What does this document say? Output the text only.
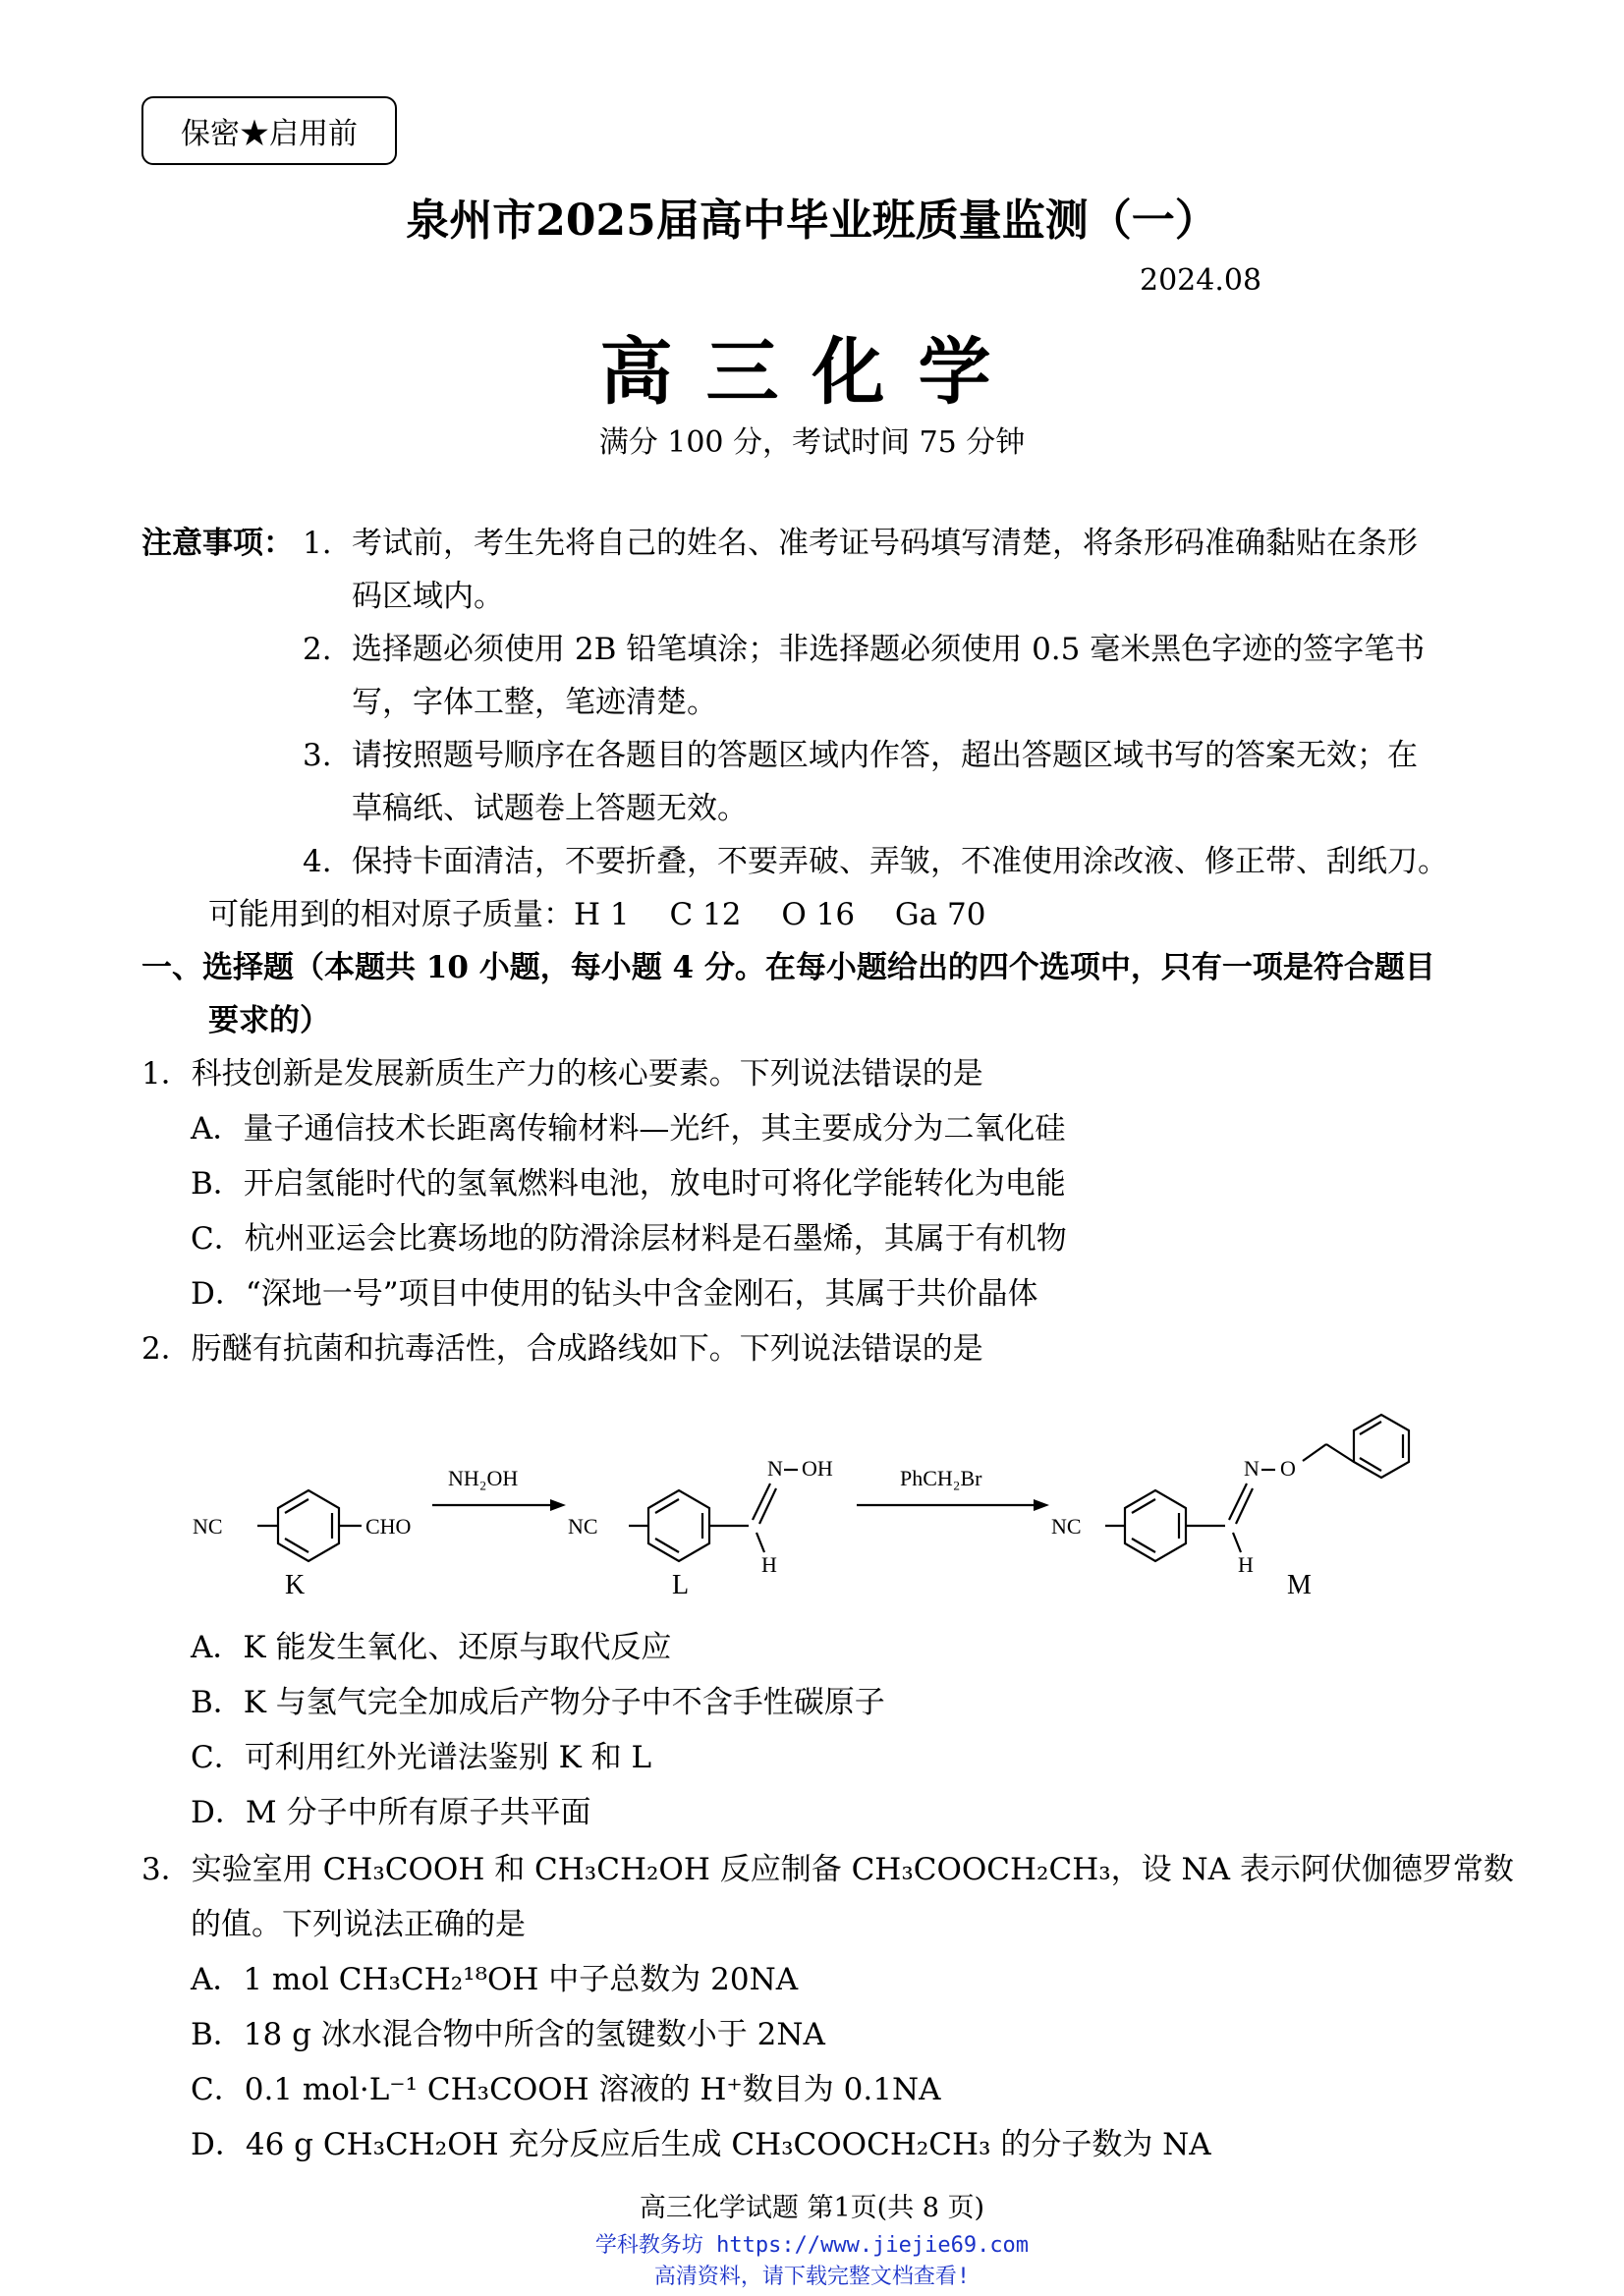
保密★启用前
泉州市2025届高中毕业班质量监测（一）
2024.08
高三化学
满分 100 分，考试时间 75 分钟
注意事项： 1. 考试前，考生先将自己的姓名、准考证号码填写清楚，将条形码准确黏贴在条形
码区域内。
2. 选择题必须使用 2B 铅笔填涂；非选择题必须使用 0.5 毫米黑色字迹的签字笔书
写，字体工整，笔迹清楚。
3. 请按照题号顺序在各题目的答题区域内作答，超出答题区域书写的答案无效；在
草稿纸、试题卷上答题无效。
4. 保持卡面清洁，不要折叠，不要弄破、弄皱，不准使用涂改液、修正带、刮纸刀。
可能用到的相对原子质量：H 1　 C 12　 O 16　 Ga 70
一、选择题（本题共 10 小题，每小题 4 分。在每小题给出的四个选项中，只有一项是符合题目
要求的）
1．科技创新是发展新质生产力的核心要素。下列说法错误的是
A．量子通信技术长距离传输材料—光纤，其主要成分为二氧化硅
B．开启氢能时代的氢氧燃料电池，放电时可将化学能转化为电能
C．杭州亚运会比赛场地的防滑涂层材料是石墨烯，其属于有机物
D．“深地一号”项目中使用的钻头中含金刚石，其属于共价晶体
2．肟醚有抗菌和抗毒活性，合成路线如下。下列说法错误的是
NC	CHO
NH₂OH
NC
N OH
H
PhCH₂Br
NC
N O
H
K	L	M
A．K 能发生氧化、还原与取代反应
B．K 与氢气完全加成后产物分子中不含手性碳原子
C．可利用红外光谱法鉴别 K 和 L
D．M 分子中所有原子共平面
3．实验室用 CH₃COOH 和 CH₃CH₂OH 反应制备 CH₃COOCH₂CH₃，设 NA 表示阿伏伽德罗常数
的值。下列说法正确的是
A．1 mol CH₃CH₂¹⁸OH 中子总数为 20NA
B．18 g 冰水混合物中所含的氢键数小于 2NA
C．0.1 mol·L⁻¹ CH₃COOH 溶液的 H⁺数目为 0.1NA
D．46 g CH₃CH₂OH 充分反应后生成 CH₃COOCH₂CH₃ 的分子数为 NA
高三化学试题 第1页(共 8 页)
学科教务坊 https://www.jiejie69.com
高清资料，请下载完整文档查看!
